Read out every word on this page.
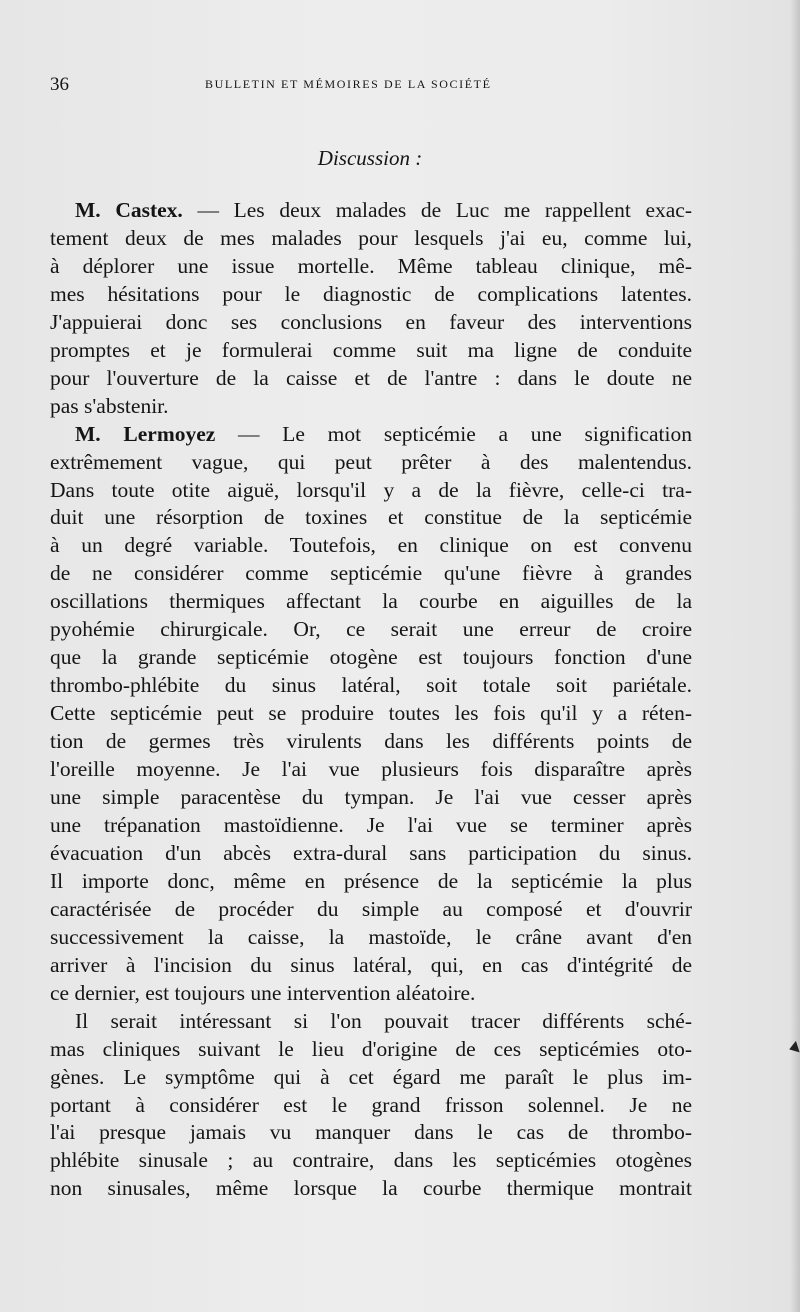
36	BULLETIN ET MÉMOIRES DE LA SOCIÉTÉ
Discussion :
M. Castex. — Les deux malades de Luc me rappellent exac-
tement deux de mes malades pour lesquels j'ai eu, comme lui,
à déplorer une issue mortelle. Même tableau clinique, mê-
mes hésitations pour le diagnostic de complications latentes.
J'appuierai donc ses conclusions en faveur des interventions
promptes et je formulerai comme suit ma ligne de conduite
pour l'ouverture de la caisse et de l'antre : dans le doute ne
pas s'abstenir.
M. Lermoyez — Le mot septicémie a une signification
extrêmement vague, qui peut prêter à des malentendus.
Dans toute otite aiguë, lorsqu'il y a de la fièvre, celle-ci tra-
duit une résorption de toxines et constitue de la septicémie
à un degré variable. Toutefois, en clinique on est convenu
de ne considérer comme septicémie qu'une fièvre à grandes
oscillations thermiques affectant la courbe en aiguilles de la
pyohémie chirurgicale. Or, ce serait une erreur de croire
que la grande septicémie otogène est toujours fonction d'une
thrombo-phlébite du sinus latéral, soit totale soit pariétale.
Cette septicémie peut se produire toutes les fois qu'il y a réten-
tion de germes très virulents dans les différents points de
l'oreille moyenne. Je l'ai vue plusieurs fois disparaître après
une simple paracentèse du tympan. Je l'ai vue cesser après
une trépanation mastoïdienne. Je l'ai vue se terminer après
évacuation d'un abcès extra-dural sans participation du sinus.
Il importe donc, même en présence de la septicémie la plus
caractérisée de procéder du simple au composé et d'ouvrir
successivement la caisse, la mastoïde, le crâne avant d'en
arriver à l'incision du sinus latéral, qui, en cas d'intégrité de
ce dernier, est toujours une intervention aléatoire.
Il serait intéressant si l'on pouvait tracer différents sché-
mas cliniques suivant le lieu d'origine de ces septicémies oto-
gènes. Le symptôme qui à cet égard me paraît le plus im-
portant à considérer est le grand frisson solennel. Je ne
l'ai presque jamais vu manquer dans le cas de thrombo-
phlébite sinusale ; au contraire, dans les septicémies otogènes
non sinusales, même lorsque la courbe thermique montrait
